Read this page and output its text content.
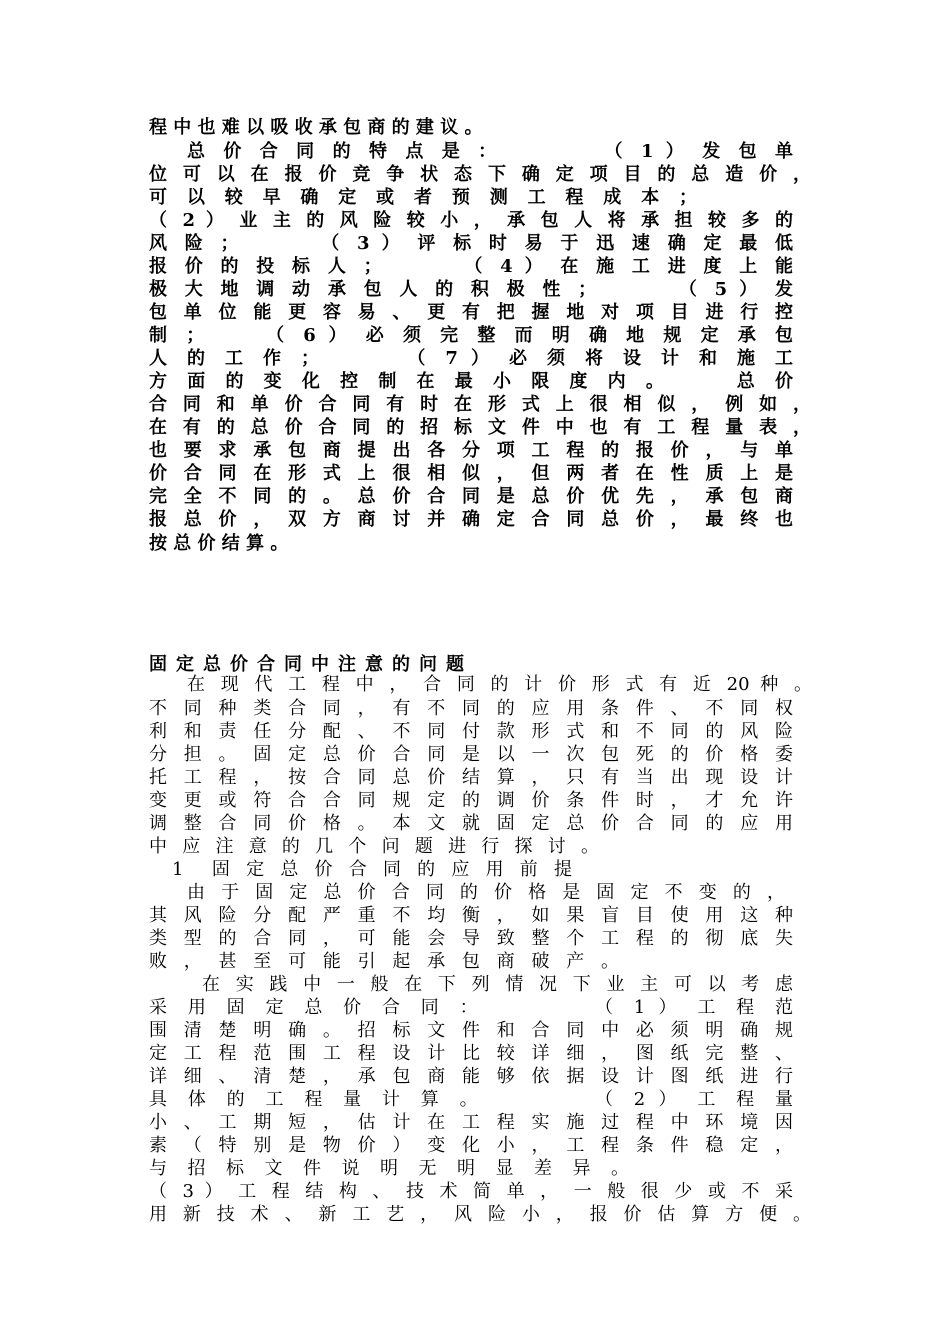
程 中 也 难 以 吸 收 承 包 商 的 建 议 。

总 价 合 同 的 特 点 是 ：　　　　　（ 1 ） 发 包 单

位 可 以 在 报 价 竞 争 状 态 下 确 定 项 目 的 总 造 价 ，

可 以 较 早 确 定 或 者 预 测 工 程 成 本 ；

（ 2 ） 业 主 的 风 险 较 小 ， 承 包 人 将 承 担 较 多 的

风 险 ；　　　　（ 3 ） 评 标 时 易 于 迅 速 确 定 最 低

报 价 的 投 标 人 ；　　　　（ 4 ） 在 施 工 进 度 上 能

极 大 地 调 动 承 包 人 的 积 极 性 ；　　　　（ 5 ） 发

包 单 位 能 更 容 易 、 更 有 把 握 地 对 项 目 进 行 控

制 ；　　　（ 6 ） 必 须 完 整 而 明 确 地 规 定 承 包

人 的 工 作 ；　　　　（ 7 ） 必 须 将 设 计 和 施 工

方 面 的 变 化 控 制 在 最 小 限 度 内 。　　　总 价

合 同 和 单 价 合 同 有 时 在 形 式 上 很 相 似 ， 例 如 ，

在 有 的 总 价 合 同 的 招 标 文 件 中 也 有 工 程 量 表 ，

也 要 求 承 包 商 提 出 各 分 项 工 程 的 报 价 ， 与 单

价 合 同 在 形 式 上 很 相 似 ， 但 两 者 在 性 质 上 是

完 全 不 同 的 。 总 价 合 同 是 总 价 优 先 ， 承 包 商

报 总 价 ， 双 方 商 讨 并 确 定 合 同 总 价 ， 最 终 也

按 总 价 结 算 。

固定总价合同中注意的问题

在 现 代 工 程 中 ， 合 同 的 计 价 形 式 有 近 20 种 。

不 同 种 类 合 同 ， 有 不 同 的 应 用 条 件 、 不 同 权

利 和 责 任 分 配 、 不 同 付 款 形 式 和 不 同 的 风 险

分 担 。 固 定 总 价 合 同 是 以 一 次 包 死 的 价 格 委

托 工 程 ， 按 合 同 总 价 结 算 ， 只 有 当 出 现 设 计

变 更 或 符 合 合 同 规 定 的 调 价 条 件 时 ， 才 允 许

调 整 合 同 价 格 。 本 文 就 固 定 总 价 合 同 的 应 用

中 应 注 意 的 几 个 问 题 进 行 探 讨 。

1　固 定 总 价 合 同 的 应 用 前 提

由 于 固 定 总 价 合 同 的 价 格 是 固 定 不 变 的 ，

其 风 险 分 配 严 重 不 均 衡 ， 如 果 盲 目 使 用 这 种

类 型 的 合 同 ， 可 能 会 导 致 整 个 工 程 的 彻 底 失

败 ， 甚 至 可 能 引 起 承 包 商 破 产 。

在 实 践 中 一 般 在 下 列 情 况 下 业 主 可 以 考 虑

采 用 固 定 总 价 合 同 ：　　　　　（ 1 ） 工 程 范

围 清 楚 明 确 。 招 标 文 件 和 合 同 中 必 须 明 确 规

定 工 程 范 围 工 程 设 计 比 较 详 细 ， 图 纸 完 整 、

详 细 、 清 楚 ， 承 包 商 能 够 依 据 设 计 图 纸 进 行

具 体 的 工 程 量 计 算 。　　　　　（ 2 ） 工 程 量

小 、 工 期 短 ， 估 计 在 工 程 实 施 过 程 中 环 境 因

素 （ 特 别 是 物 价 ） 变 化 小 ， 工 程 条 件 稳 定 ，

与 招 标 文 件 说 明 无 明 显 差 异 。

（ 3 ） 工 程 结 构 、 技 术 简 单 ， 一 般 很 少 或 不 采

用 新 技 术 、 新 工 艺 ， 风 险 小 ， 报 价 估 算 方 便 。
